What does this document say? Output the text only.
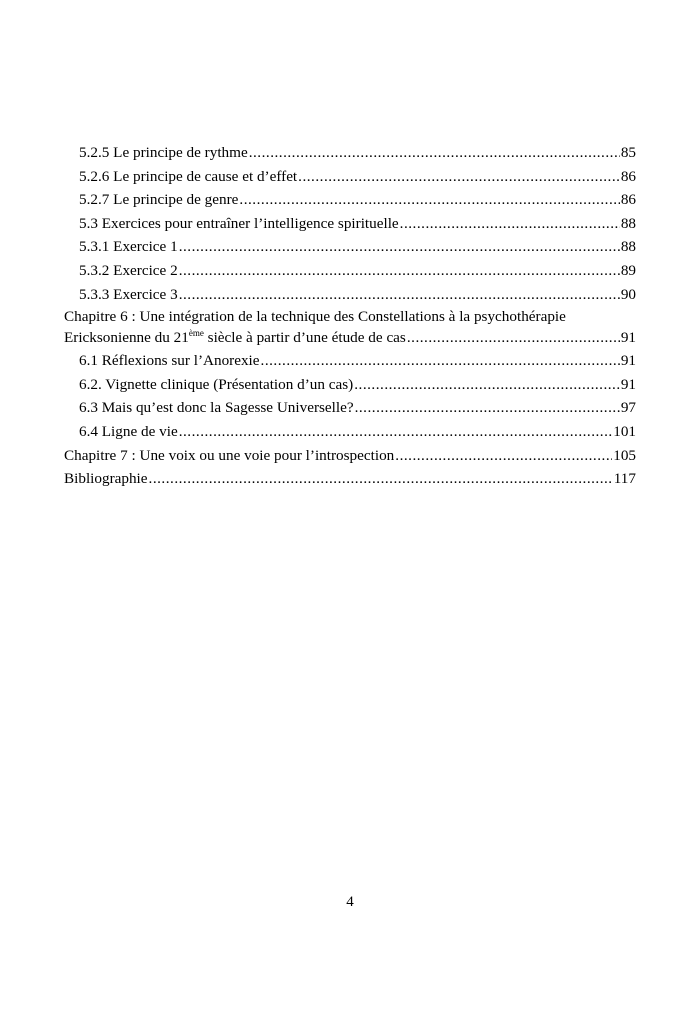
5.2.5 Le principe de rythme .....	85
5.2.6 Le principe de cause et d’effet .....	86
5.2.7 Le principe de genre .....	86
5.3 Exercices pour entraîner l’intelligence spirituelle .....	88
5.3.1 Exercice 1 .....	88
5.3.2 Exercice 2 .....	89
5.3.3 Exercice 3 .....	90
Chapitre 6 : Une intégration de la technique des Constellations à la psychothérapie
Ericksonienne du 21ème siècle à partir d’une étude de cas .....	91
6.1 Réflexions sur l’Anorexie .....	91
6.2. Vignette clinique (Présentation d’un cas) .....	91
6.3 Mais qu’est donc la Sagesse Universelle? .....	97
6.4 Ligne de vie .....	101
Chapitre 7 : Une voix ou une voie pour l’introspection .....	105
Bibliographie .....	117
4
